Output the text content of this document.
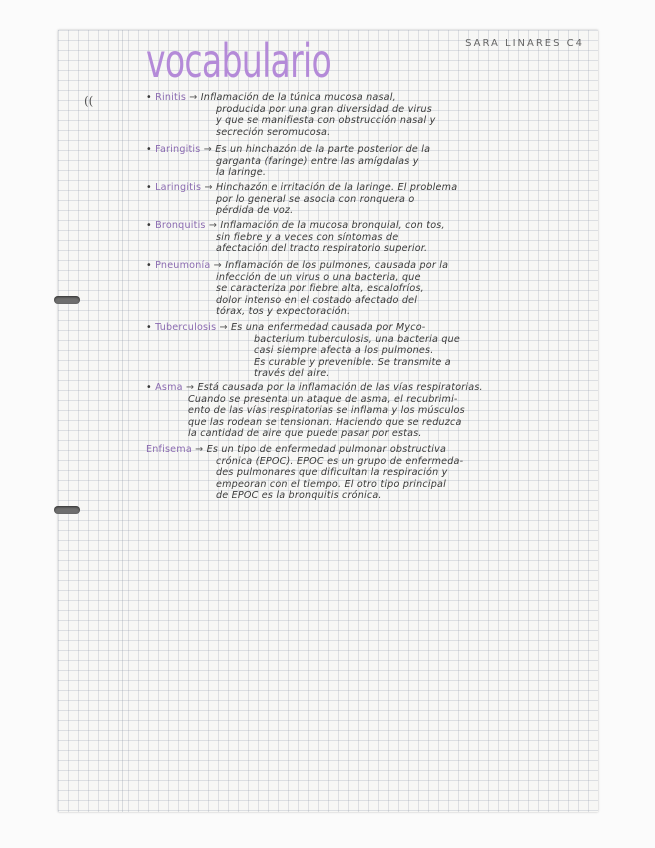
((
vocabulario	SARA LINARES C4
• Rinitis → Inflamación de la túnica mucosa nasal,
producida por una gran diversidad de virus
y que se manifiesta con obstrucción nasal y
secreción seromucosa.
• Faringitis → Es un hinchazón de la parte posterior de la
garganta (faringe) entre las amígdalas y
la laringe.
• Laringitis → Hinchazón e irritación de la laringe. El problema
por lo general se asocia con ronquera o
pérdida de voz.
• Bronquitis → Inflamación de la mucosa bronquial, con tos,
sin fiebre y a veces con síntomas de
afectación del tracto respiratorio superior.
• Pneumonía → Inflamación de los pulmones, causada por la
infección de un virus o una bacteria, que
se caracteriza por fiebre alta, escalofríos,
dolor intenso en el costado afectado del
tórax, tos y expectoración.
• Tuberculosis → Es una enfermedad causada por Myco-
bacterium tuberculosis, una bacteria que
casi siempre afecta a los pulmones.
Es curable y prevenible. Se transmite a
través del aire.
• Asma → Está causada por la inflamación de las vías respiratorias.
Cuando se presenta un ataque de asma, el recubrimi-
ento de las vías respiratorias se inflama y los músculos
que las rodean se tensionan. Haciendo que se reduzca
la cantidad de aire que puede pasar por estas.
Enfisema → Es un tipo de enfermedad pulmonar obstructiva
crónica (EPOC). EPOC es un grupo de enfermeda-
des pulmonares que dificultan la respiración y
empeoran con el tiempo. El otro tipo principal
de EPOC es la bronquitis crónica.
